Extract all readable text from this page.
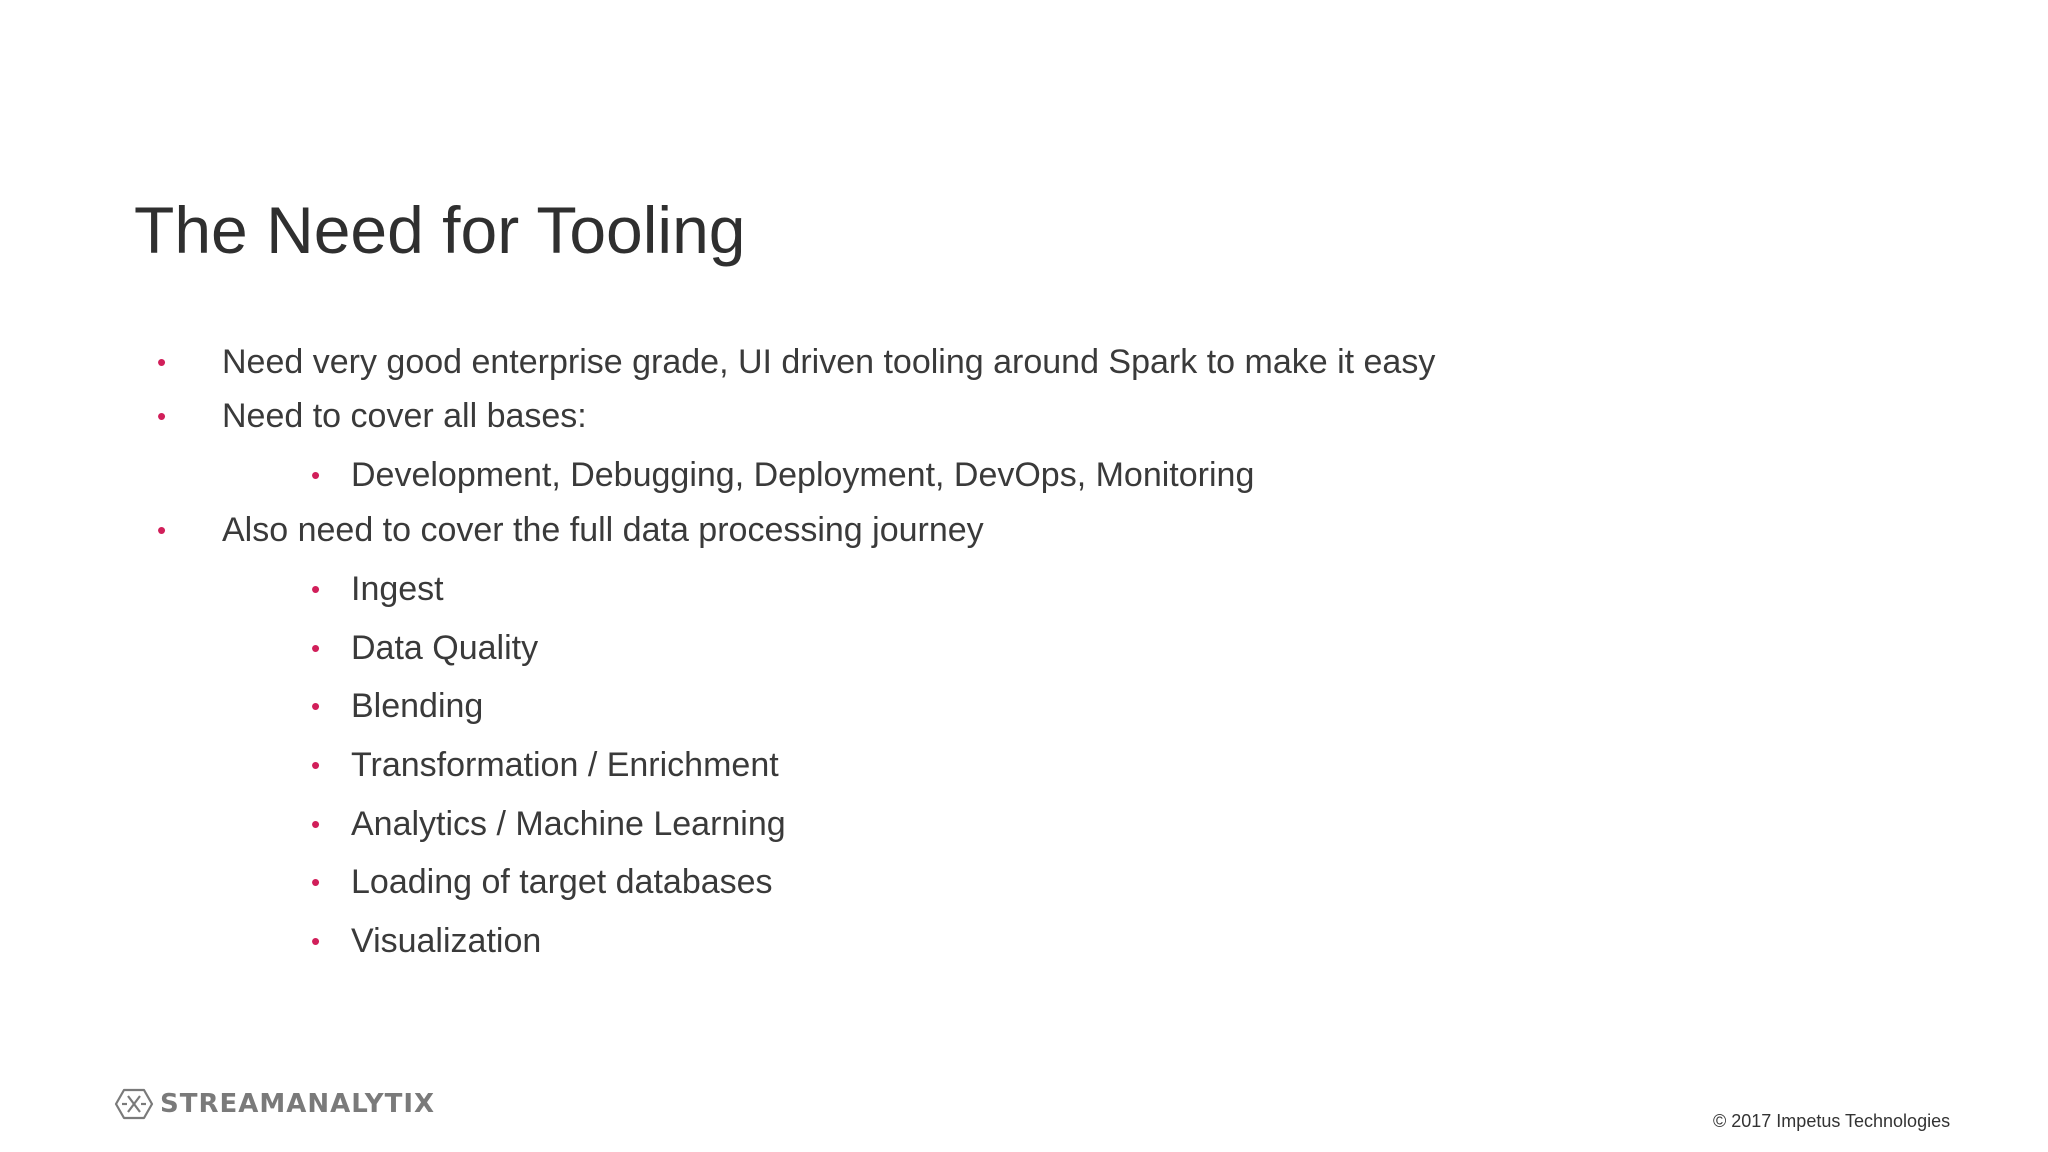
The Need for Tooling
• Need very good enterprise grade, UI driven tooling around Spark to make it easy
• Need to cover all bases:
• Development, Debugging, Deployment, DevOps, Monitoring
• Also need to cover the full data processing journey
• Ingest
• Data Quality
• Blending
• Transformation / Enrichment
• Analytics / Machine Learning
• Loading of target databases
• Visualization
STREAMANALYTIX
© 2017 Impetus Technologies
